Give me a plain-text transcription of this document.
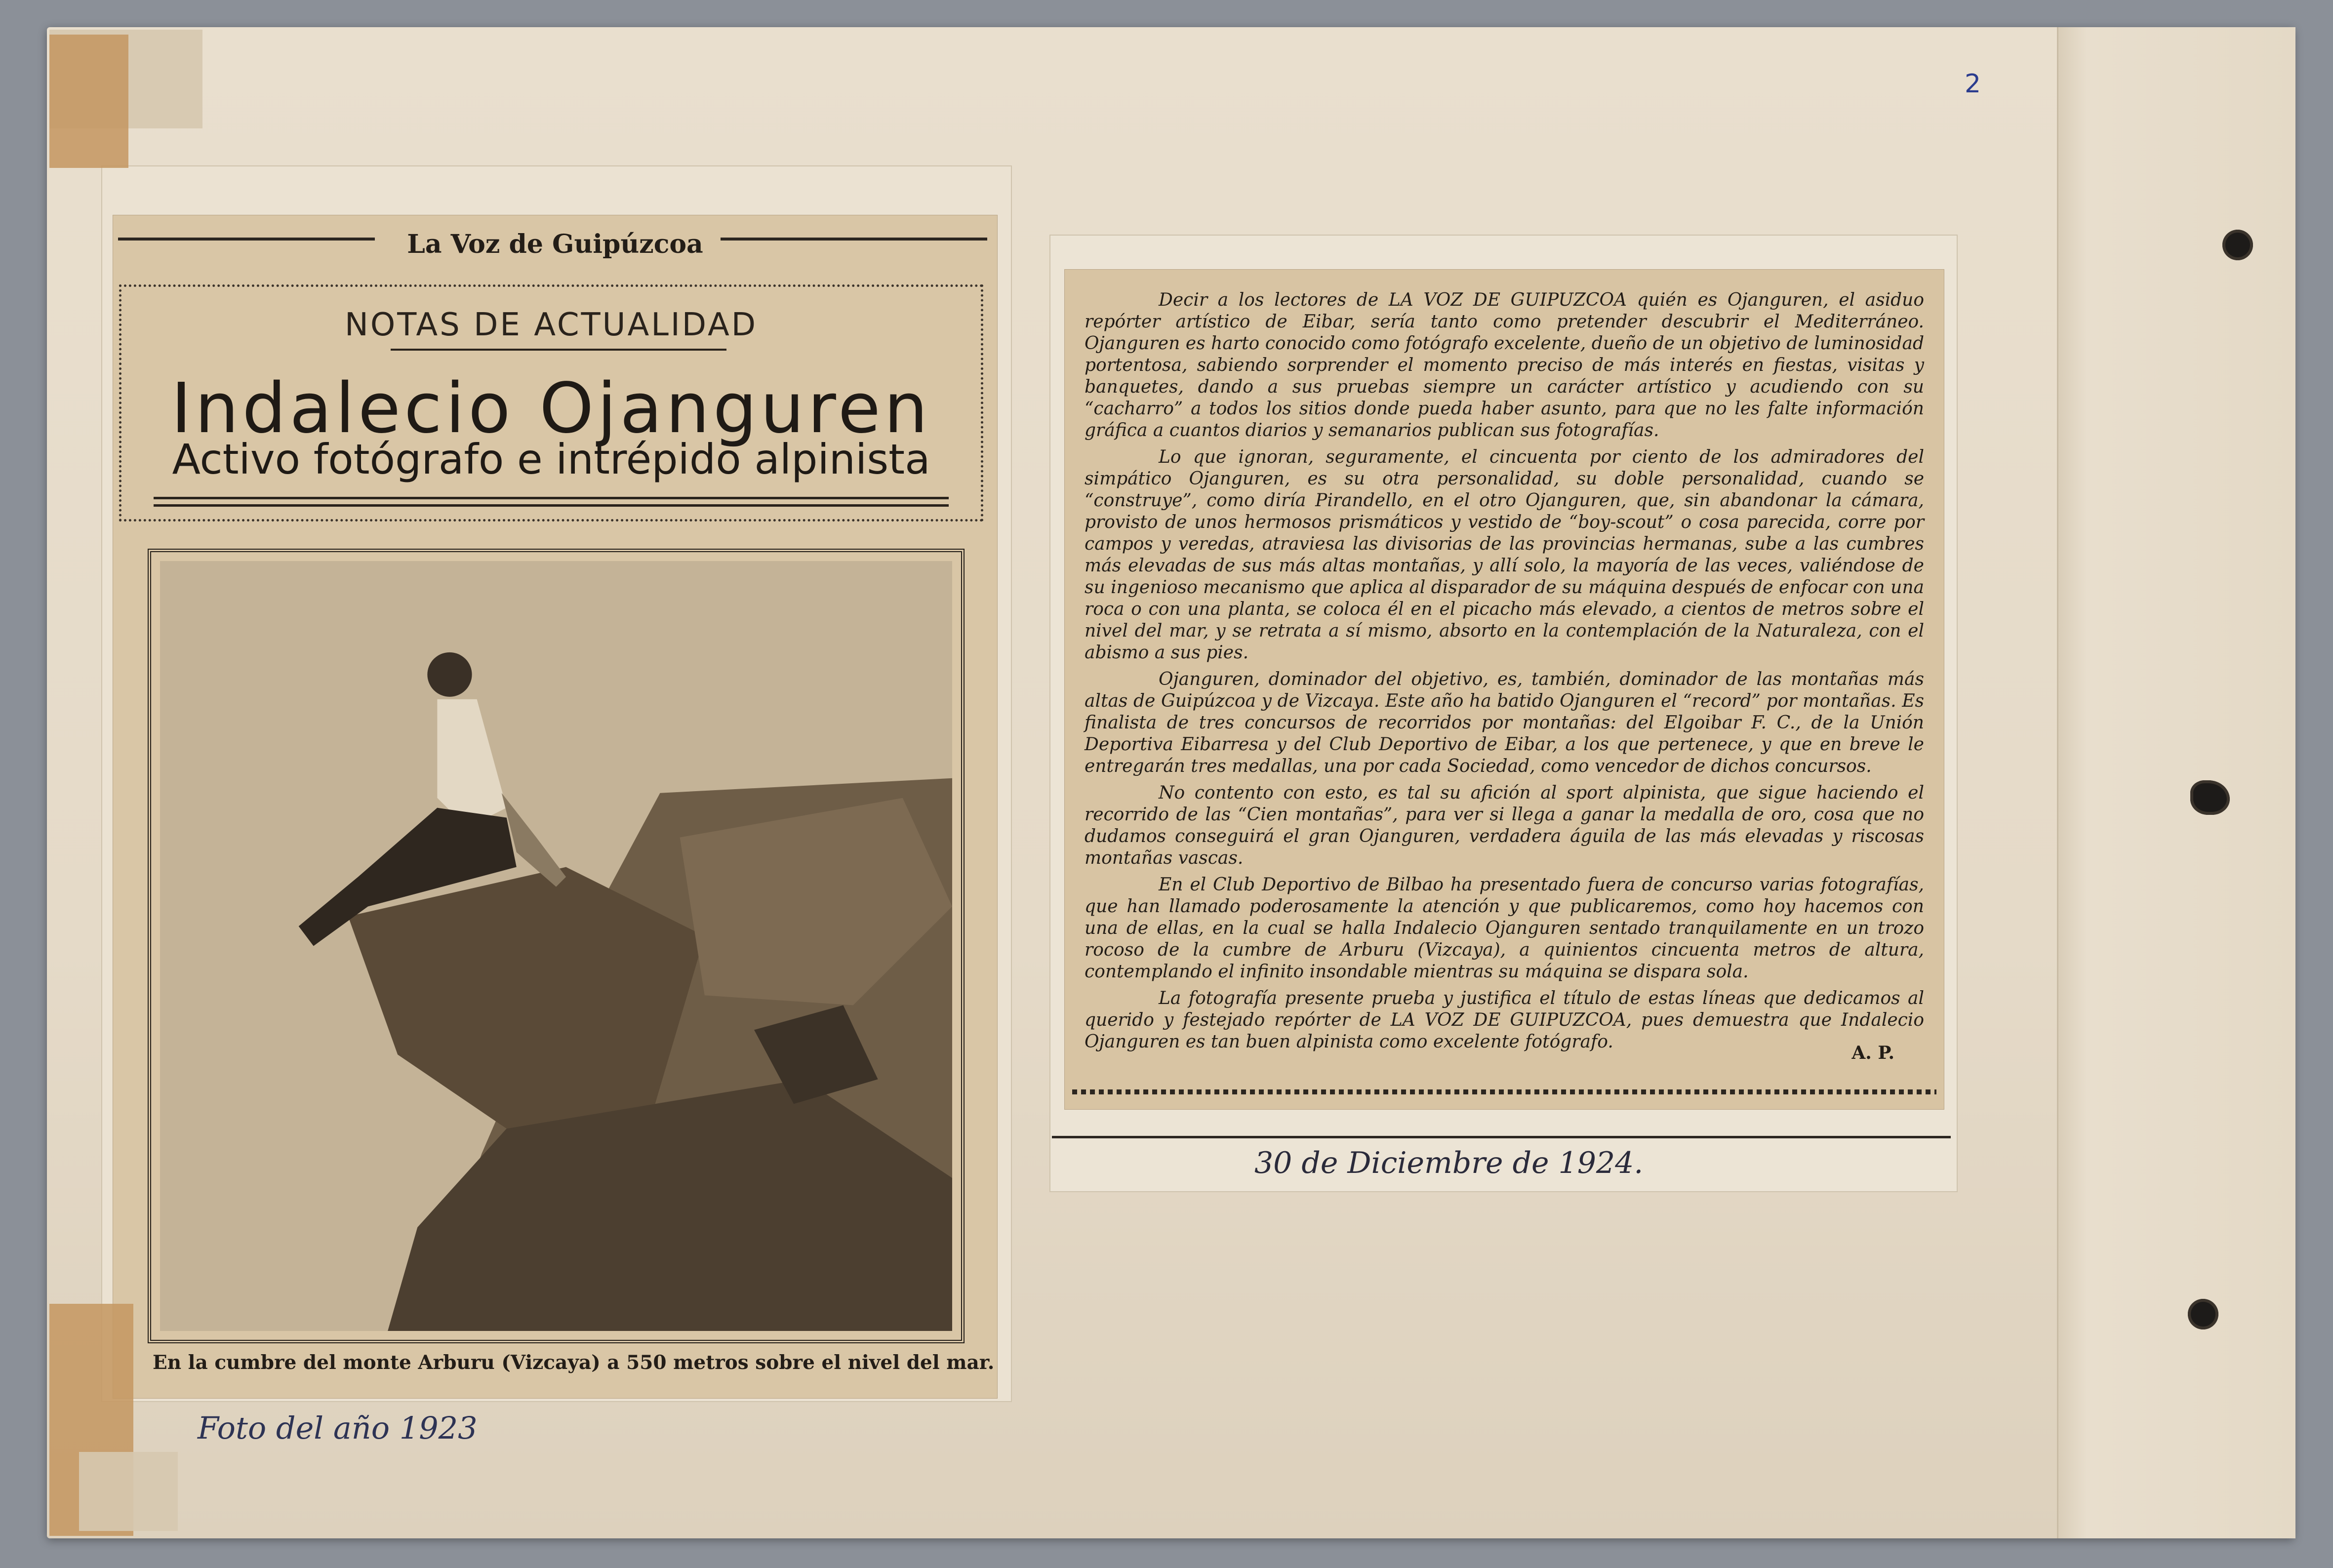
2
La Voz de Guipúzcoa
NOTAS DE ACTUALIDAD
Indalecio Ojanguren
Activo fotógrafo e intrépido alpinista
En la cumbre del monte Arburu (Vizcaya) a 550 metros sobre el nivel del mar.
Foto del año 1923

Decir a los lectores de LA VOZ DE GUIPUZCOA quién es Ojanguren, el asiduo repórter artístico de Eibar, sería tanto como pretender descubrir el Mediterráneo. Ojanguren es harto conocido como fotógrafo excelente, dueño de un objetivo de luminosidad portentosa, sabiendo sorprender el momento preciso de más interés en fiestas, visitas y banquetes, dando a sus pruebas siempre un carácter artístico y acudiendo con su “cacharro” a todos los sitios donde pueda haber asunto, para que no les falte información gráfica a cuantos diarios y semanarios publican sus fotografías.

Lo que ignoran, seguramente, el cincuenta por ciento de los admiradores del simpático Ojanguren, es su otra personalidad, su doble personalidad, cuando se “construye”, como diría Pirandello, en el otro Ojanguren, que, sin abandonar la cámara, provisto de unos hermosos prismáticos y vestido de “boy-scout” o cosa parecida, corre por campos y veredas, atraviesa las divisorias de las provincias hermanas, sube a las cumbres más elevadas de sus más altas montañas, y allí solo, la mayoría de las veces, valiéndose de su ingenioso mecanismo que aplica al disparador de su máquina después de enfocar con una roca o con una planta, se coloca él en el picacho más elevado, a cientos de metros sobre el nivel del mar, y se retrata a sí mismo, absorto en la contemplación de la Naturaleza, con el abismo a sus pies.

Ojanguren, dominador del objetivo, es, también, dominador de las montañas más altas de Guipúzcoa y de Vizcaya. Este año ha batido Ojanguren el “record” por montañas. Es finalista de tres concursos de recorridos por montañas: del Elgoibar F. C., de la Unión Deportiva Eibarresa y del Club Deportivo de Eibar, a los que pertenece, y que en breve le entregarán tres medallas, una por cada Sociedad, como vencedor de dichos concursos.

No contento con esto, es tal su afición al sport alpinista, que sigue haciendo el recorrido de las “Cien montañas”, para ver si llega a ganar la medalla de oro, cosa que no dudamos conseguirá el gran Ojanguren, verdadera águila de las más elevadas y riscosas montañas vascas.

En el Club Deportivo de Bilbao ha presentado fuera de concurso varias fotografías, que han llamado poderosamente la atención y que publicaremos, como hoy hacemos con una de ellas, en la cual se halla Indalecio Ojanguren sentado tranquilamente en un trozo rocoso de la cumbre de Arburu (Vizcaya), a quinientos cincuenta metros de altura, contemplando el infinito insondable mientras su máquina se dispara sola.

La fotografía presente prueba y justifica el título de estas líneas que dedicamos al querido y festejado repórter de LA VOZ DE GUIPUZCOA, pues demuestra que Indalecio Ojanguren es tan buen alpinista como excelente fotógrafo.

A. P.
30 de Diciembre de 1924.
